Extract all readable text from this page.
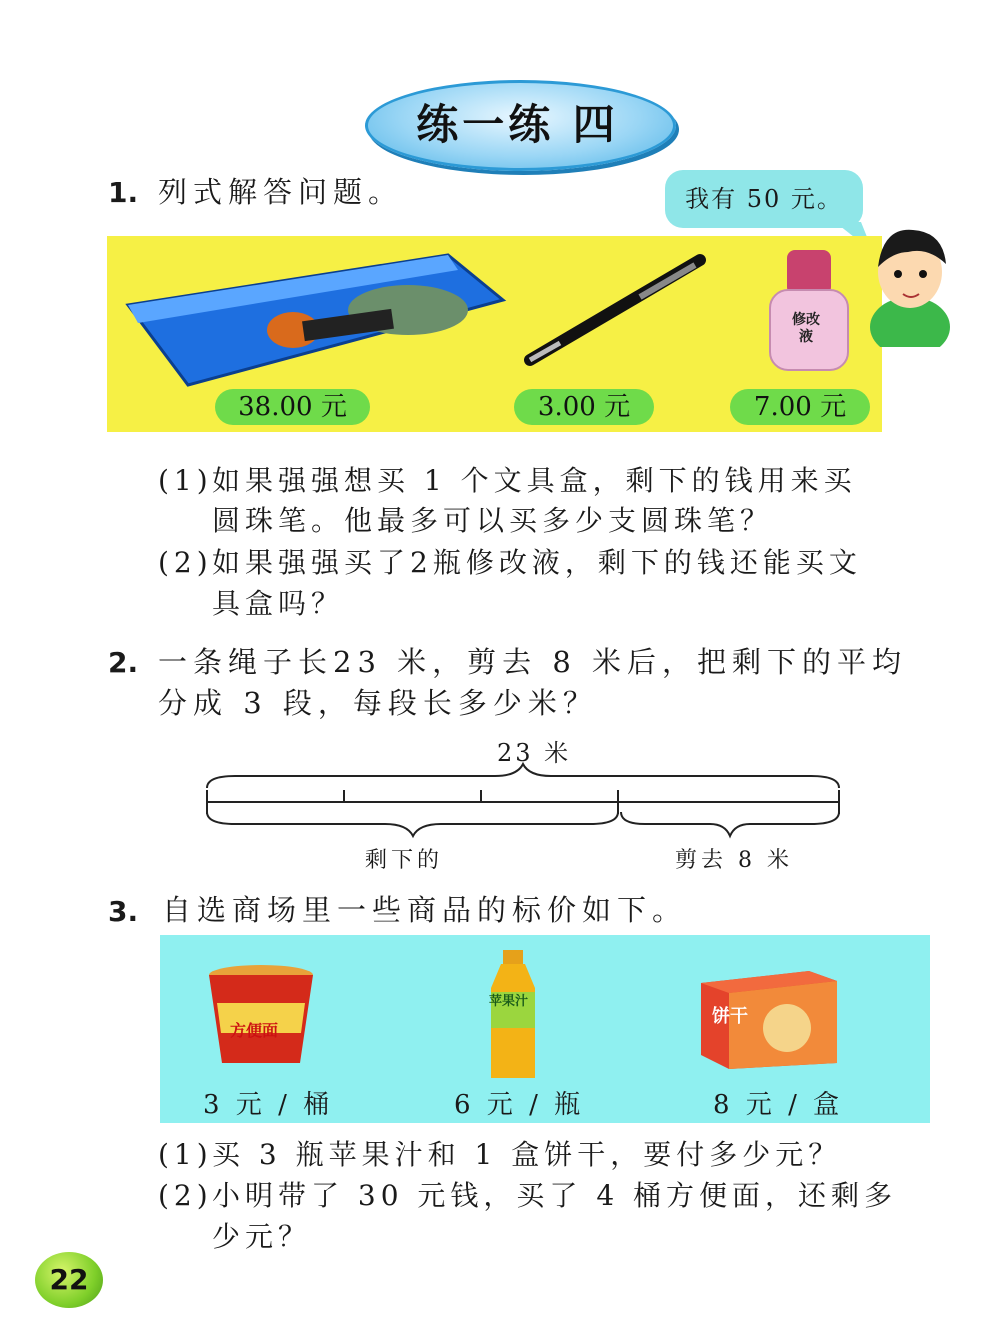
练一练 四
1. 列式解答问题。	我有 50 元。
修改液
38.00 元	3.00 元	7.00 元
(1) 如果强强想买 1 个文具盒，剩下的钱用来买
圆珠笔。他最多可以买多少支圆珠笔？
(2) 如果强强买了2瓶修改液，剩下的钱还能买文
具盒吗？
2. 一条绳子长23 米，剪去 8 米后，把剩下的平均
分成 3 段，每段长多少米？
23 米
剩下的	剪去 8 米
3. 自选商场里一些商品的标价如下。
方便面
苹果汁
饼干
3 元 / 桶	6 元 / 瓶	8 元 / 盒
(1) 买 3 瓶苹果汁和 1 盒饼干，要付多少元？
(2) 小明带了 30 元钱，买了 4 桶方便面，还剩多
少元？
22
